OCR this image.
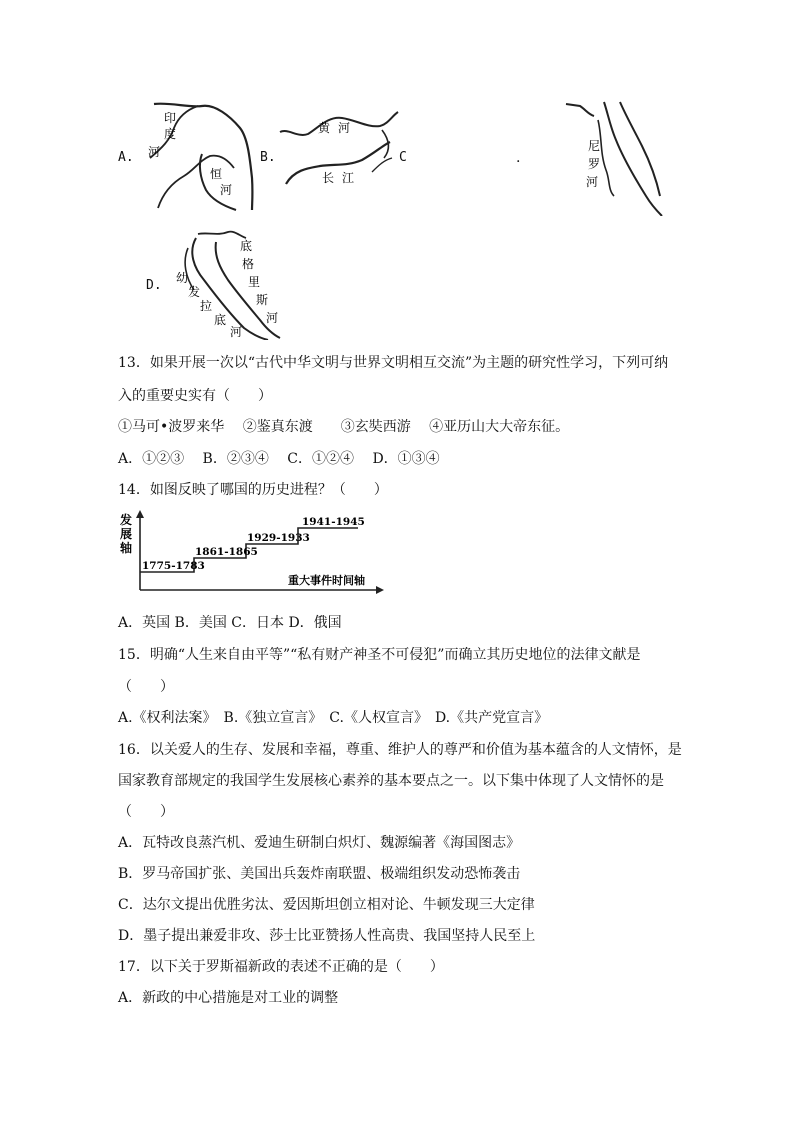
A.
印
度
河
恒
河
B.
黄 河
长 江
C	.
尼
罗
河
D.
底
格
里
斯
河
幼
发
拉
底
河
13．如果开展一次以“古代中华文明与世界文明相互交流”为主题的研究性学习，下列可纳
入的重要史实有（　　）
①马可•波罗来华　 ②鉴真东渡　　③玄奘西游　 ④亚历山大大帝东征。
A．①②③　 B．②③④　 C．①②④　 D．①③④
14．如图反映了哪国的历史进程？（　　）
发
展
轴
1775-1783
1861-1865
1929-1933
1941-1945
重大事件时间轴
A．英国 B．美国 C．日本 D．俄国
15．明确“人生来自由平等”“私有财产神圣不可侵犯”而确立其历史地位的法律文献是
（　　）
A.《权利法案》　B.《独立宣言》　C.《人权宣言》　D.《共产党宣言》
16．以关爱人的生存、发展和幸福，尊重、维护人的尊严和价值为基本蕴含的人文情怀，是
国家教育部规定的我国学生发展核心素养的基本要点之一。以下集中体现了人文情怀的是
（　　）
A．瓦特改良蒸汽机、爱迪生研制白炽灯、魏源编著《海国图志》
B．罗马帝国扩张、美国出兵轰炸南联盟、极端组织发动恐怖袭击
C．达尔文提出优胜劣汰、爱因斯坦创立相对论、牛顿发现三大定律
D．墨子提出兼爱非攻、莎士比亚赞扬人性高贵、我国坚持人民至上
17．以下关于罗斯福新政的表述不正确的是（　　）
A．新政的中心措施是对工业的调整
